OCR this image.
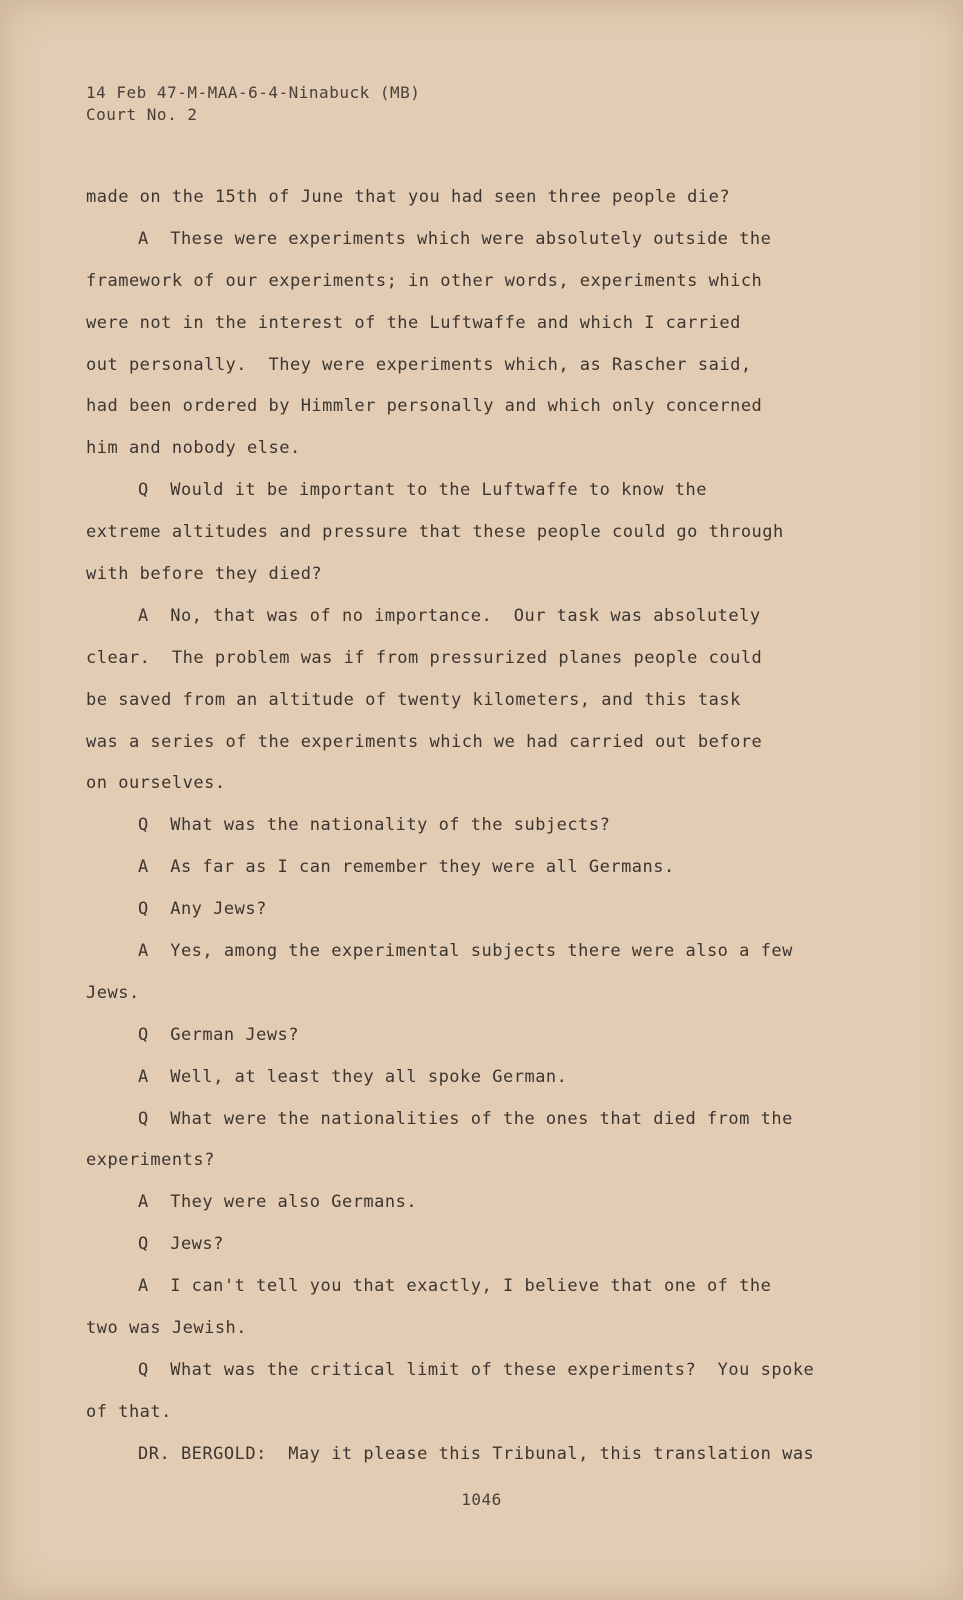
14 Feb 47-M-MAA-6-4-Ninabuck (MB)
Court No. 2
made on the 15th of June that you had seen three people die?
A  These were experiments which were absolutely outside the
framework of our experiments; in other words, experiments which
were not in the interest of the Luftwaffe and which I carried
out personally.  They were experiments which, as Rascher said,
had been ordered by Himmler personally and which only concerned
him and nobody else.
Q  Would it be important to the Luftwaffe to know the
extreme altitudes and pressure that these people could go through
with before they died?
A  No, that was of no importance.  Our task was absolutely
clear.  The problem was if from pressurized planes people could
be saved from an altitude of twenty kilometers, and this task
was a series of the experiments which we had carried out before
on ourselves.
Q  What was the nationality of the subjects?
A  As far as I can remember they were all Germans.
Q  Any Jews?
A  Yes, among the experimental subjects there were also a few
Jews.
Q  German Jews?
A  Well, at least they all spoke German.
Q  What were the nationalities of the ones that died from the
experiments?
A  They were also Germans.
Q  Jews?
A  I can't tell you that exactly, I believe that one of the
two was Jewish.
Q  What was the critical limit of these experiments?  You spoke
of that.
DR. BERGOLD:  May it please this Tribunal, this translation was
1046
